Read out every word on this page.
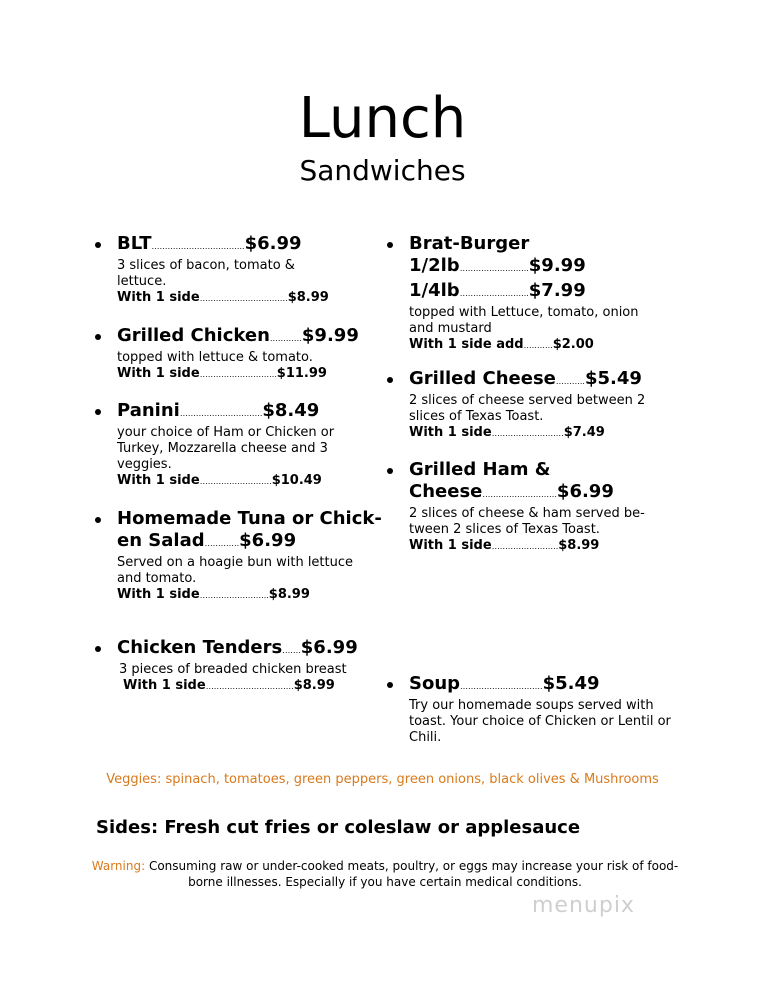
Lunch
Sandwiches
BLT……………………………..$6.99
3 slices of bacon, tomato & lettuce.
With 1 side……………………………$8.99
Grilled Chicken…………$9.99
topped with lettuce & tomato.
With 1 side………………………..$11.99
Panini………………………….$8.49
your choice of Ham or Chicken or Turkey, Mozzarella cheese and 3 veggies.
With 1 side………………………$10.49
Homemade Tuna or Chick-
en Salad………….$6.99
Served on a hoagie bun with lettuce and tomato.
With 1 side……………………..$8.99
Chicken Tenders…….$6.99
3 pieces of breaded chicken breast
With 1 side……………………………$8.99
Brat-Burger
1/2lb……………………..$9.99
1/4lb……………………..$7.99
topped with Lettuce, tomato, onion and mustard
With 1 side add………..$2.00
Grilled Cheese………..$5.49
2 slices of cheese served between 2 slices of Texas Toast.
With 1 side………………………$7.49
Grilled Ham &
Cheese……………………….$6.99
2 slices of cheese & ham served be-tween 2 slices of Texas Toast.
With 1 side…………………….$8.99
Soup………………………….$5.49
Try our homemade soups served with toast. Your choice of Chicken or Lentil or Chili.
Veggies: spinach, tomatoes, green peppers, green onions, black olives & Mushrooms
Sides: Fresh cut fries or coleslaw or applesauce
Warning: Consuming raw or under-cooked meats, poultry, or eggs may increase your risk of food-borne illnesses. Especially if you have certain medical conditions.
menupix
